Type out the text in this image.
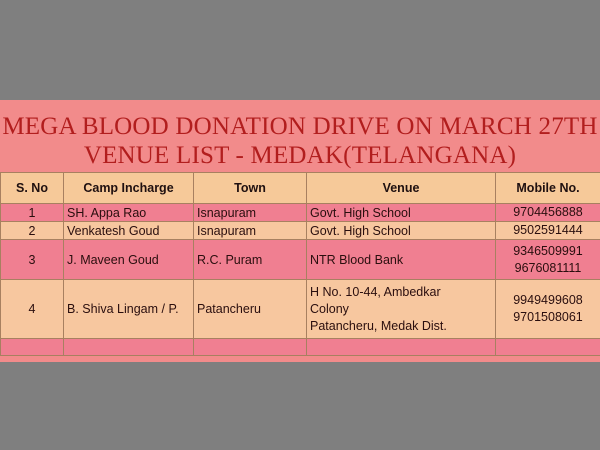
MEGA BLOOD DONATION DRIVE ON MARCH 27TH
VENUE LIST - MEDAK(TELANGANA)
S. No	Camp Incharge	Town	Venue	Mobile No.
1	SH. Appa Rao	Isnapuram	Govt. High School	9704456888
2	Venkatesh Goud	Isnapuram	Govt. High School	9502591444
3	J. Maveen Goud	R.C. Puram	NTR Blood Bank	9346509991
9676081111

4	B. Shiva Lingam / P.	Patancheru	H No. 10-44, Ambedkar
Colony
Patancheru, Medak Dist.	9949499608
9701508061
